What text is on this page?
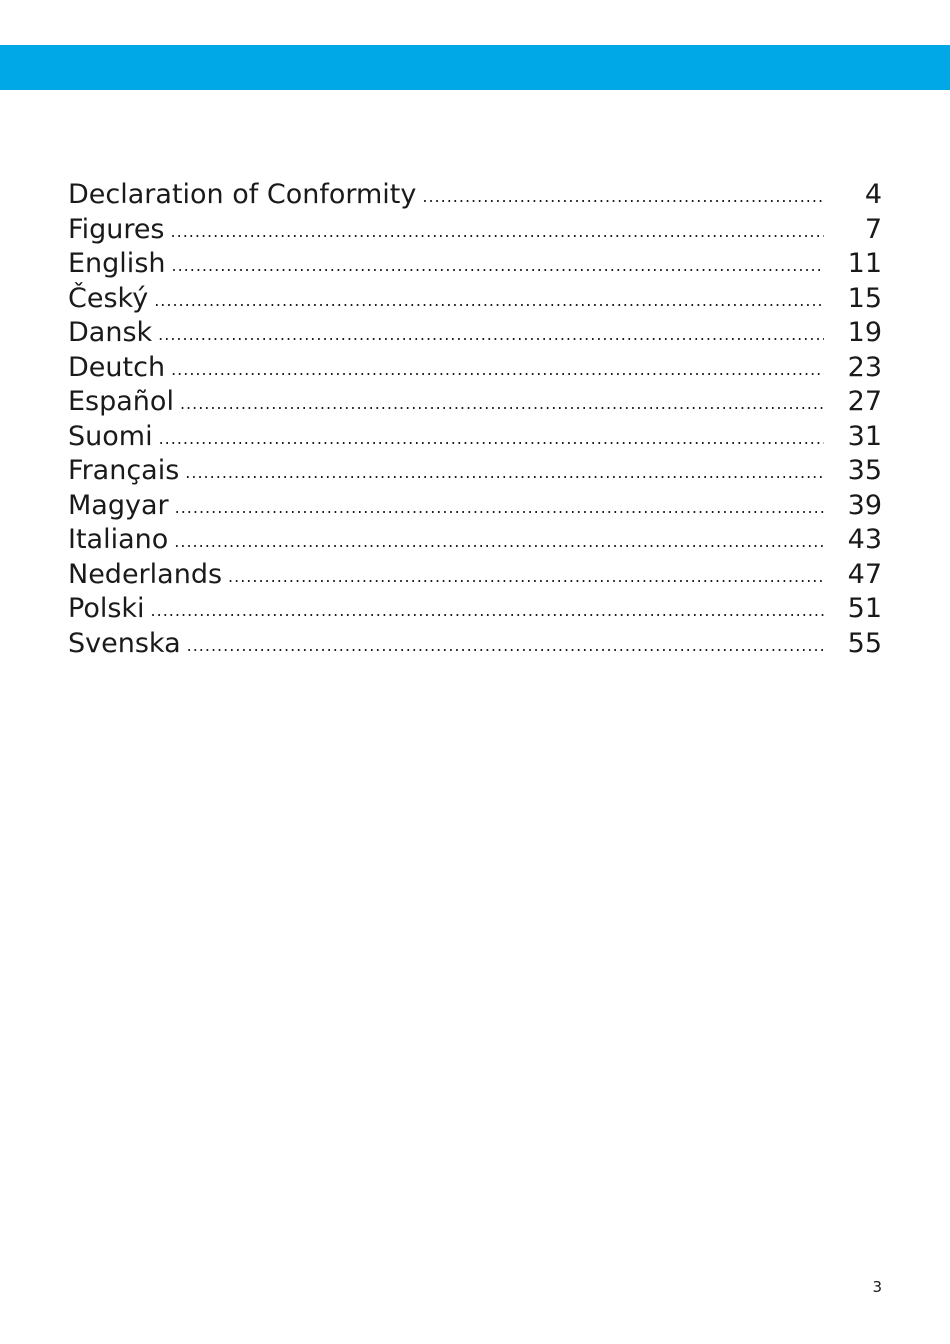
Declaration of Conformity .....	4
Figures .....	7
English .....	11
Český .....	15
Dansk .....	19
Deutch .....	23
Español .....	27
Suomi .....	31
Français .....	35
Magyar .....	39
Italiano .....	43
Nederlands .....	47
Polski .....	51
Svenska .....	55
3
